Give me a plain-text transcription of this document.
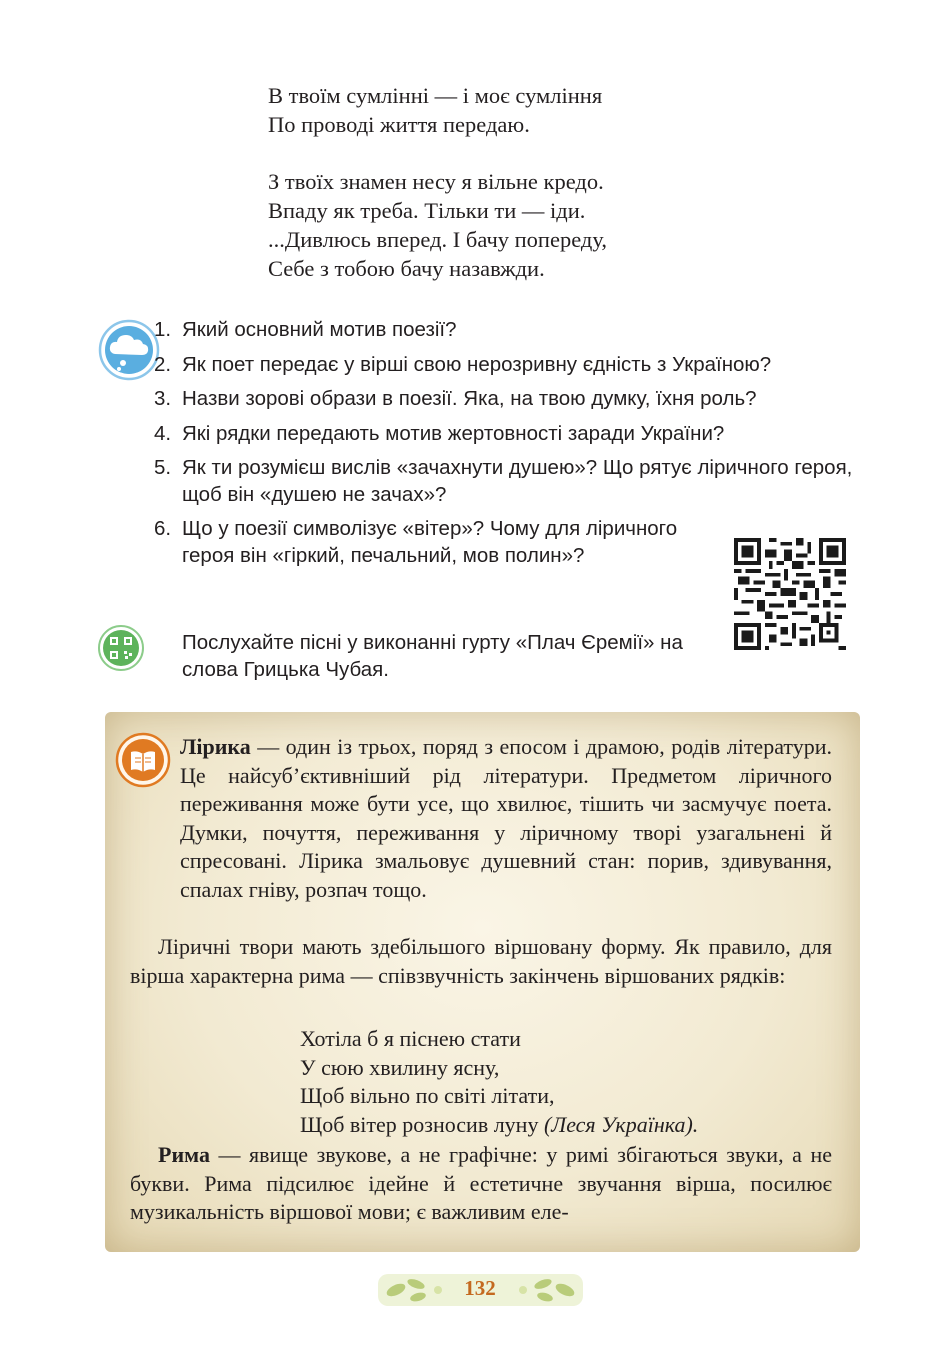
В твоїм сумлінні — і моє сумління
По проводі життя передаю.
З твоїх знамен несу я вільне кредо.
Впаду як треба. Тільки ти — іди.
...Дивлюсь вперед. І бачу попереду,
Себе з тобою бачу назавжди.
1. Який основний мотив поезії?
2. Як поет передає у вірші свою нерозривну єдність з Україною?
3. Назви зорові образи в поезії. Яка, на твою думку, їхня роль?
4. Які рядки передають мотив жертовності заради України?
5. Як ти розумієш вислів «зачахнути душею»? Що рятує ліричного героя, щоб він «душею не зачах»?
6. Що у поезії символізує «вітер»? Чому для ліричного героя він «гіркий, печальний, мов полин»?
Послухайте пісні у виконанні гурту «Плач Єремії» на слова Грицька Чубая.
Лірика — один із трьох, поряд з епосом і драмою, родів літератури. Це найсуб’єктивніший рід літератури. Предметом ліричного переживання може бути усе, що хвилює, тішить чи засмучує поета. Думки, почуття, переживання у ліричному творі узагальнені й спресовані. Лірика змальовує душевний стан: порив, здивування, спалах гніву, розпач тощо.
Ліричні твори мають здебільшого віршовану форму. Як правило, для вірша характерна рима — співзвучність закінчень віршованих рядків:
Хотіла б я піснею стати
У сюю хвилину ясну,
Щоб вільно по світі літати,
Щоб вітер розносив луну (Леся Українка).
Рима — явище звукове, а не графічне: у римі збігаються звуки, а не букви. Рима підсилює ідейне й естетичне звучання вірша, посилює музикальність віршової мови; є важливим еле-
132
